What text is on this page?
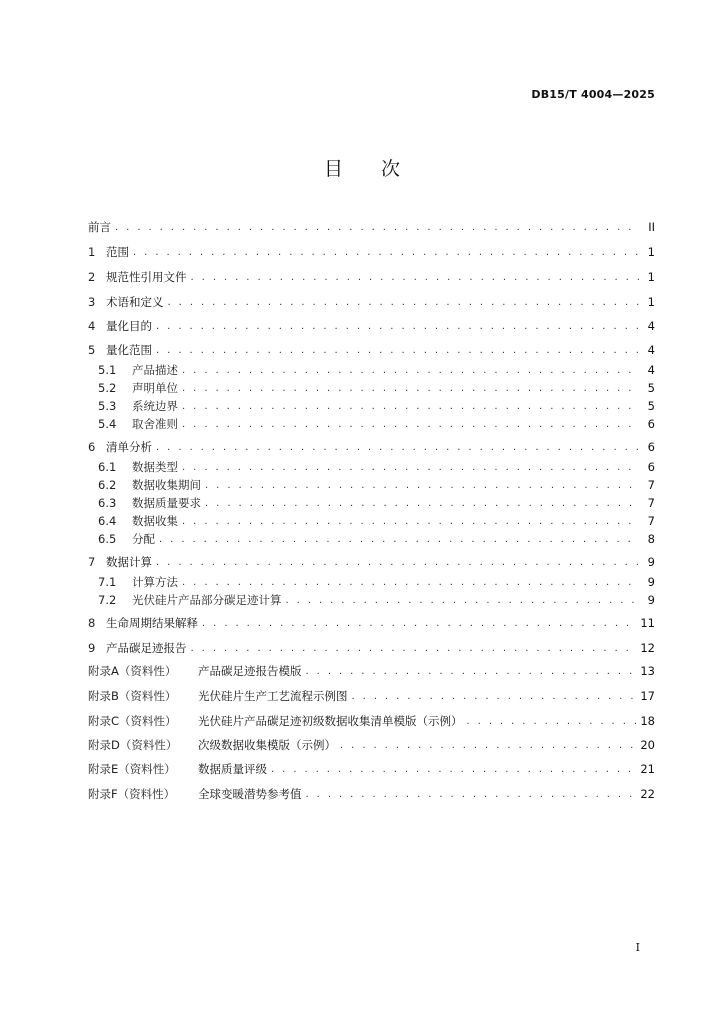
DB15/T 4004—2025
目次
前言 . . .	II
1 范围 . . .	1
2 规范性引用文件 . . .	1
3 术语和定义 . . .	1
4 量化目的 . . .	4
5 量化范围 . . .	4
5.1	产品描述 . . .	4
5.2	声明单位 . . .	5
5.3	系统边界 . . .	5
5.4	取舍准则 . . .	6
6 清单分析 . . .	6
6.1	数据类型 . . .	6
6.2	数据收集期间 . . .	7
6.3	数据质量要求 . . .	7
6.4	数据收集 . . .	7
6.5	分配 . . .	8
7 数据计算 . . .	9
7.1	计算方法 . . .	9
7.2	光伏硅片产品部分碳足迹计算 . . .	9
8 生命周期结果解释 . . .	11
9 产品碳足迹报告 . . .	12
附录A（资料性）	产品碳足迹报告模版 . . .	13
附录B（资料性）	光伏硅片生产工艺流程示例图 . . .	17
附录C（资料性）	光伏硅片产品碳足迹初级数据收集清单模版（示例） . . .	18
附录D（资料性）	次级数据收集模版（示例） . . .	20
附录E（资料性）	数据质量评级 . . .	21
附录F（资料性）	全球变暖潜势参考值 . . .	22
I
